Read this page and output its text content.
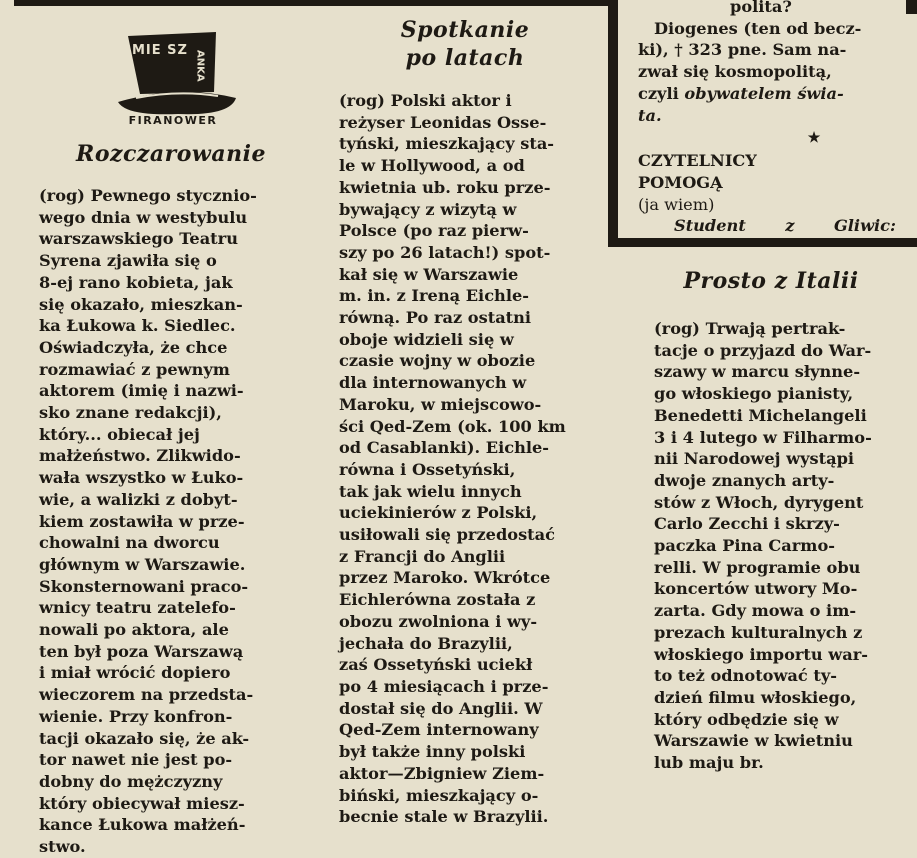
MIE SZ ANKA
FIRANOWER
Rozczarowanie

(rog) Pewnego stycznio-

wego dnia w westybulu

warszawskiego Teatru

Syrena zjawiła się o

8-ej rano kobieta, jak

się okazało, mieszkan-

ka Łukowa k. Siedlec.

Oświadczyła, że chce

rozmawiać z pewnym

aktorem (imię i nazwi-

sko znane redakcji),

który... obiecał jej

małżeństwo. Zlikwido-

wała wszystko w Łuko-

wie, a walizki z dobyt-

kiem zostawiła w prze-

chowalni na dworcu

głównym w Warszawie.

Skonsternowani praco-

wnicy teatru zatelefo-

nowali po aktora, ale

ten był poza Warszawą

i miał wrócić dopiero

wieczorem na przedsta-

wienie. Przy konfron-

tacji okazało się, że ak-

tor nawet nie jest po-

dobny do mężczyzny

który obiecywał miesz-

kance Łukowa małżeń-

stwo.

Spotkanie
po latach

(rog) Polski aktor i

reżyser Leonidas Osse-

tyński, mieszkający sta-

le w Hollywood, a od

kwietnia ub. roku prze-

bywający z wizytą w

Polsce (po raz pierw-

szy po 26 latach!) spot-

kał się w Warszawie

m. in. z Ireną Eichle-

równą. Po raz ostatni

oboje widzieli się w

czasie wojny w obozie

dla internowanych w

Maroku, w miejscowo-

ści Qed-Zem (ok. 100 km

od Casablanki). Eichle-

równa i Ossetyński,

tak jak wielu innych

uciekinierów z Polski,

usiłowali się przedostać

z Francji do Anglii

przez Maroko. Wkrótce

Eichlerówna została z

obozu zwolniona i wy-

jechała do Brazylii,

zaś Ossetyński uciekł

po 4 miesiącach i prze-

dostał się do Anglii. W

Qed-Zem internowany

był także inny polski

aktor—Zbigniew Ziem-

biński, mieszkający o-

becnie stale w Brazylii.

polita?
Diogenes (ten od becz-
ki), † 323 pne. Sam na-
zwał się kosmopolitą,
czyli obywatelem świa-
ta.
★
CZYTELNICY
POMOGĄ
(ja wiem)
Student z Gliwic:
Prosto z Italii

(rog) Trwają pertrak-

tacje o przyjazd do War-

szawy w marcu słynne-

go włoskiego pianisty,

Benedetti Michelangeli

3 i 4 lutego w Filharmo-

nii Narodowej wystąpi

dwoje znanych arty-

stów z Włoch, dyrygent

Carlo Zecchi i skrzy-

paczka Pina Carmo-

relli. W programie obu

koncertów utwory Mo-

zarta. Gdy mowa o im-

prezach kulturalnych z

włoskiego importu war-

to też odnotować ty-

dzień filmu włoskiego,

który odbędzie się w

Warszawie w kwietniu

lub maju br.
